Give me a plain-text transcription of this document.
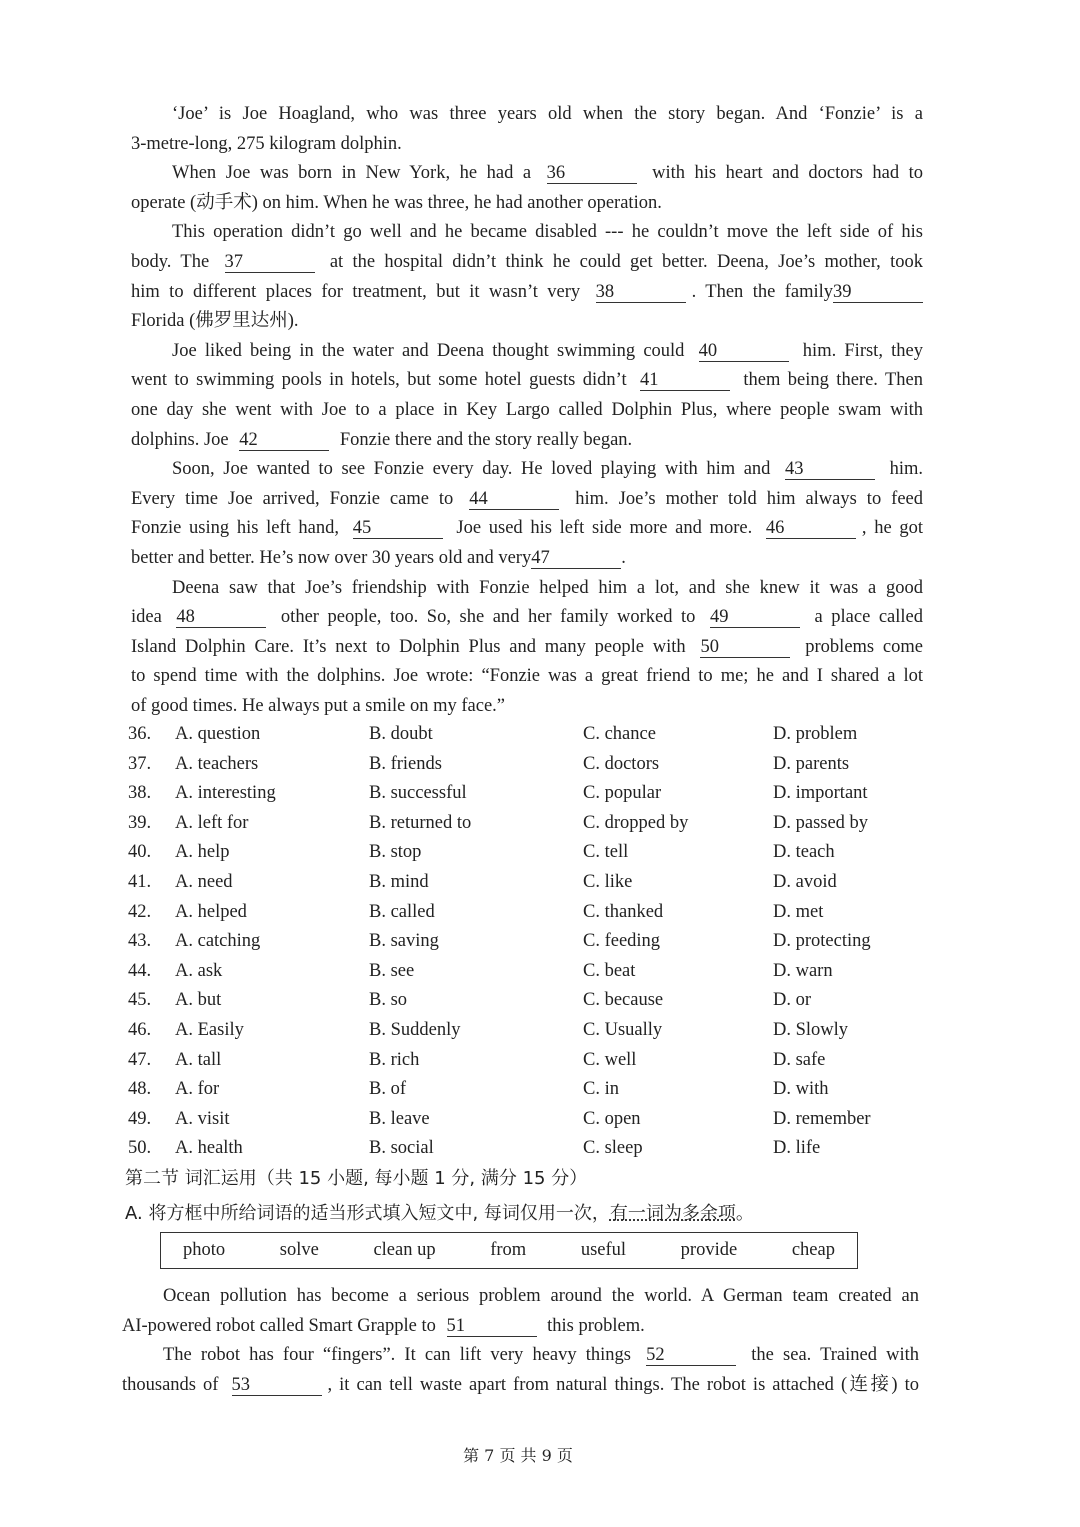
‘Joe’ is Joe Hoagland, who was three years old when the story began. And ‘Fonzie’ is a
3-metre-long, 275 kilogram dolphin.
When Joe was born in New York, he had a 36	with his heart and doctors had to
operate (动手术) on him. When he was three, he had another operation.
This operation didn’t go well and he became disabled --- he couldn’t move the left side of his
body. The 37	at the hospital didn’t think he could get better. Deena, Joe’s mother, took
him to different places for treatment, but it wasn’t very 38	. Then the family39
Florida (佛罗里达州).
Joe liked being in the water and Deena thought swimming could 40	him. First, they
went to swimming pools in hotels, but some hotel guests didn’t 41	them being there. Then
one day she went with Joe to a place in Key Largo called Dolphin Plus, where people swam with
dolphins. Joe 42	Fonzie there and the story really began.
Soon, Joe wanted to see Fonzie every day. He loved playing with him and 43	him.
Every time Joe arrived, Fonzie came to 44	him. Joe’s mother told him always to feed
Fonzie using his left hand, 45	Joe used his left side more and more. 46	, he got
better and better. He’s now over 30 years old and very47	.
Deena saw that Joe’s friendship with Fonzie helped him a lot, and she knew it was a good
idea 48	other people, too. So, she and her family worked to 49	a place called
Island Dolphin Care. It’s next to Dolphin Plus and many people with 50	problems come
to spend time with the dolphins. Joe wrote: “Fonzie was a great friend to me; he and I shared a lot
of good times. He always put a smile on my face.”
36. A. question	B. doubt	C. chance	D. problem
37. A. teachers	B. friends	C. doctors	D. parents
38. A. interesting	B. successful	C. popular	D. important
39. A. left for	B. returned to	C. dropped by	D. passed by
40. A. help	B. stop	C. tell	D. teach
41. A. need	B. mind	C. like	D. avoid
42. A. helped	B. called	C. thanked	D. met
43. A. catching	B. saving	C. feeding	D. protecting
44. A. ask	B. see	C. beat	D. warn
45. A. but	B. so	C. because	D. or
46. A. Easily	B. Suddenly	C. Usually	D. Slowly
47. A. tall	B. rich	C. well	D. safe
48. A. for	B. of	C. in	D. with
49. A. visit	B. leave	C. open	D. remember
50. A. health	B. social	C. sleep	D. life
第二节 词汇运用（共 15 小题, 每小题 1 分, 满分 15 分）
A. 将方框中所给词语的适当形式填入短文中, 每词仅用一次，有一词为多余项。
photo	solve	clean up	from	useful	provide	cheap
Ocean pollution has become a serious problem around the world. A German team created an
AI-powered robot called Smart Grapple to 51	this problem.
The robot has four “fingers”. It can lift very heavy things 52	the sea. Trained with
thousands of 53	, it can tell waste apart from natural things. The robot is attached (连接) to
第 7 页 共 9 页
